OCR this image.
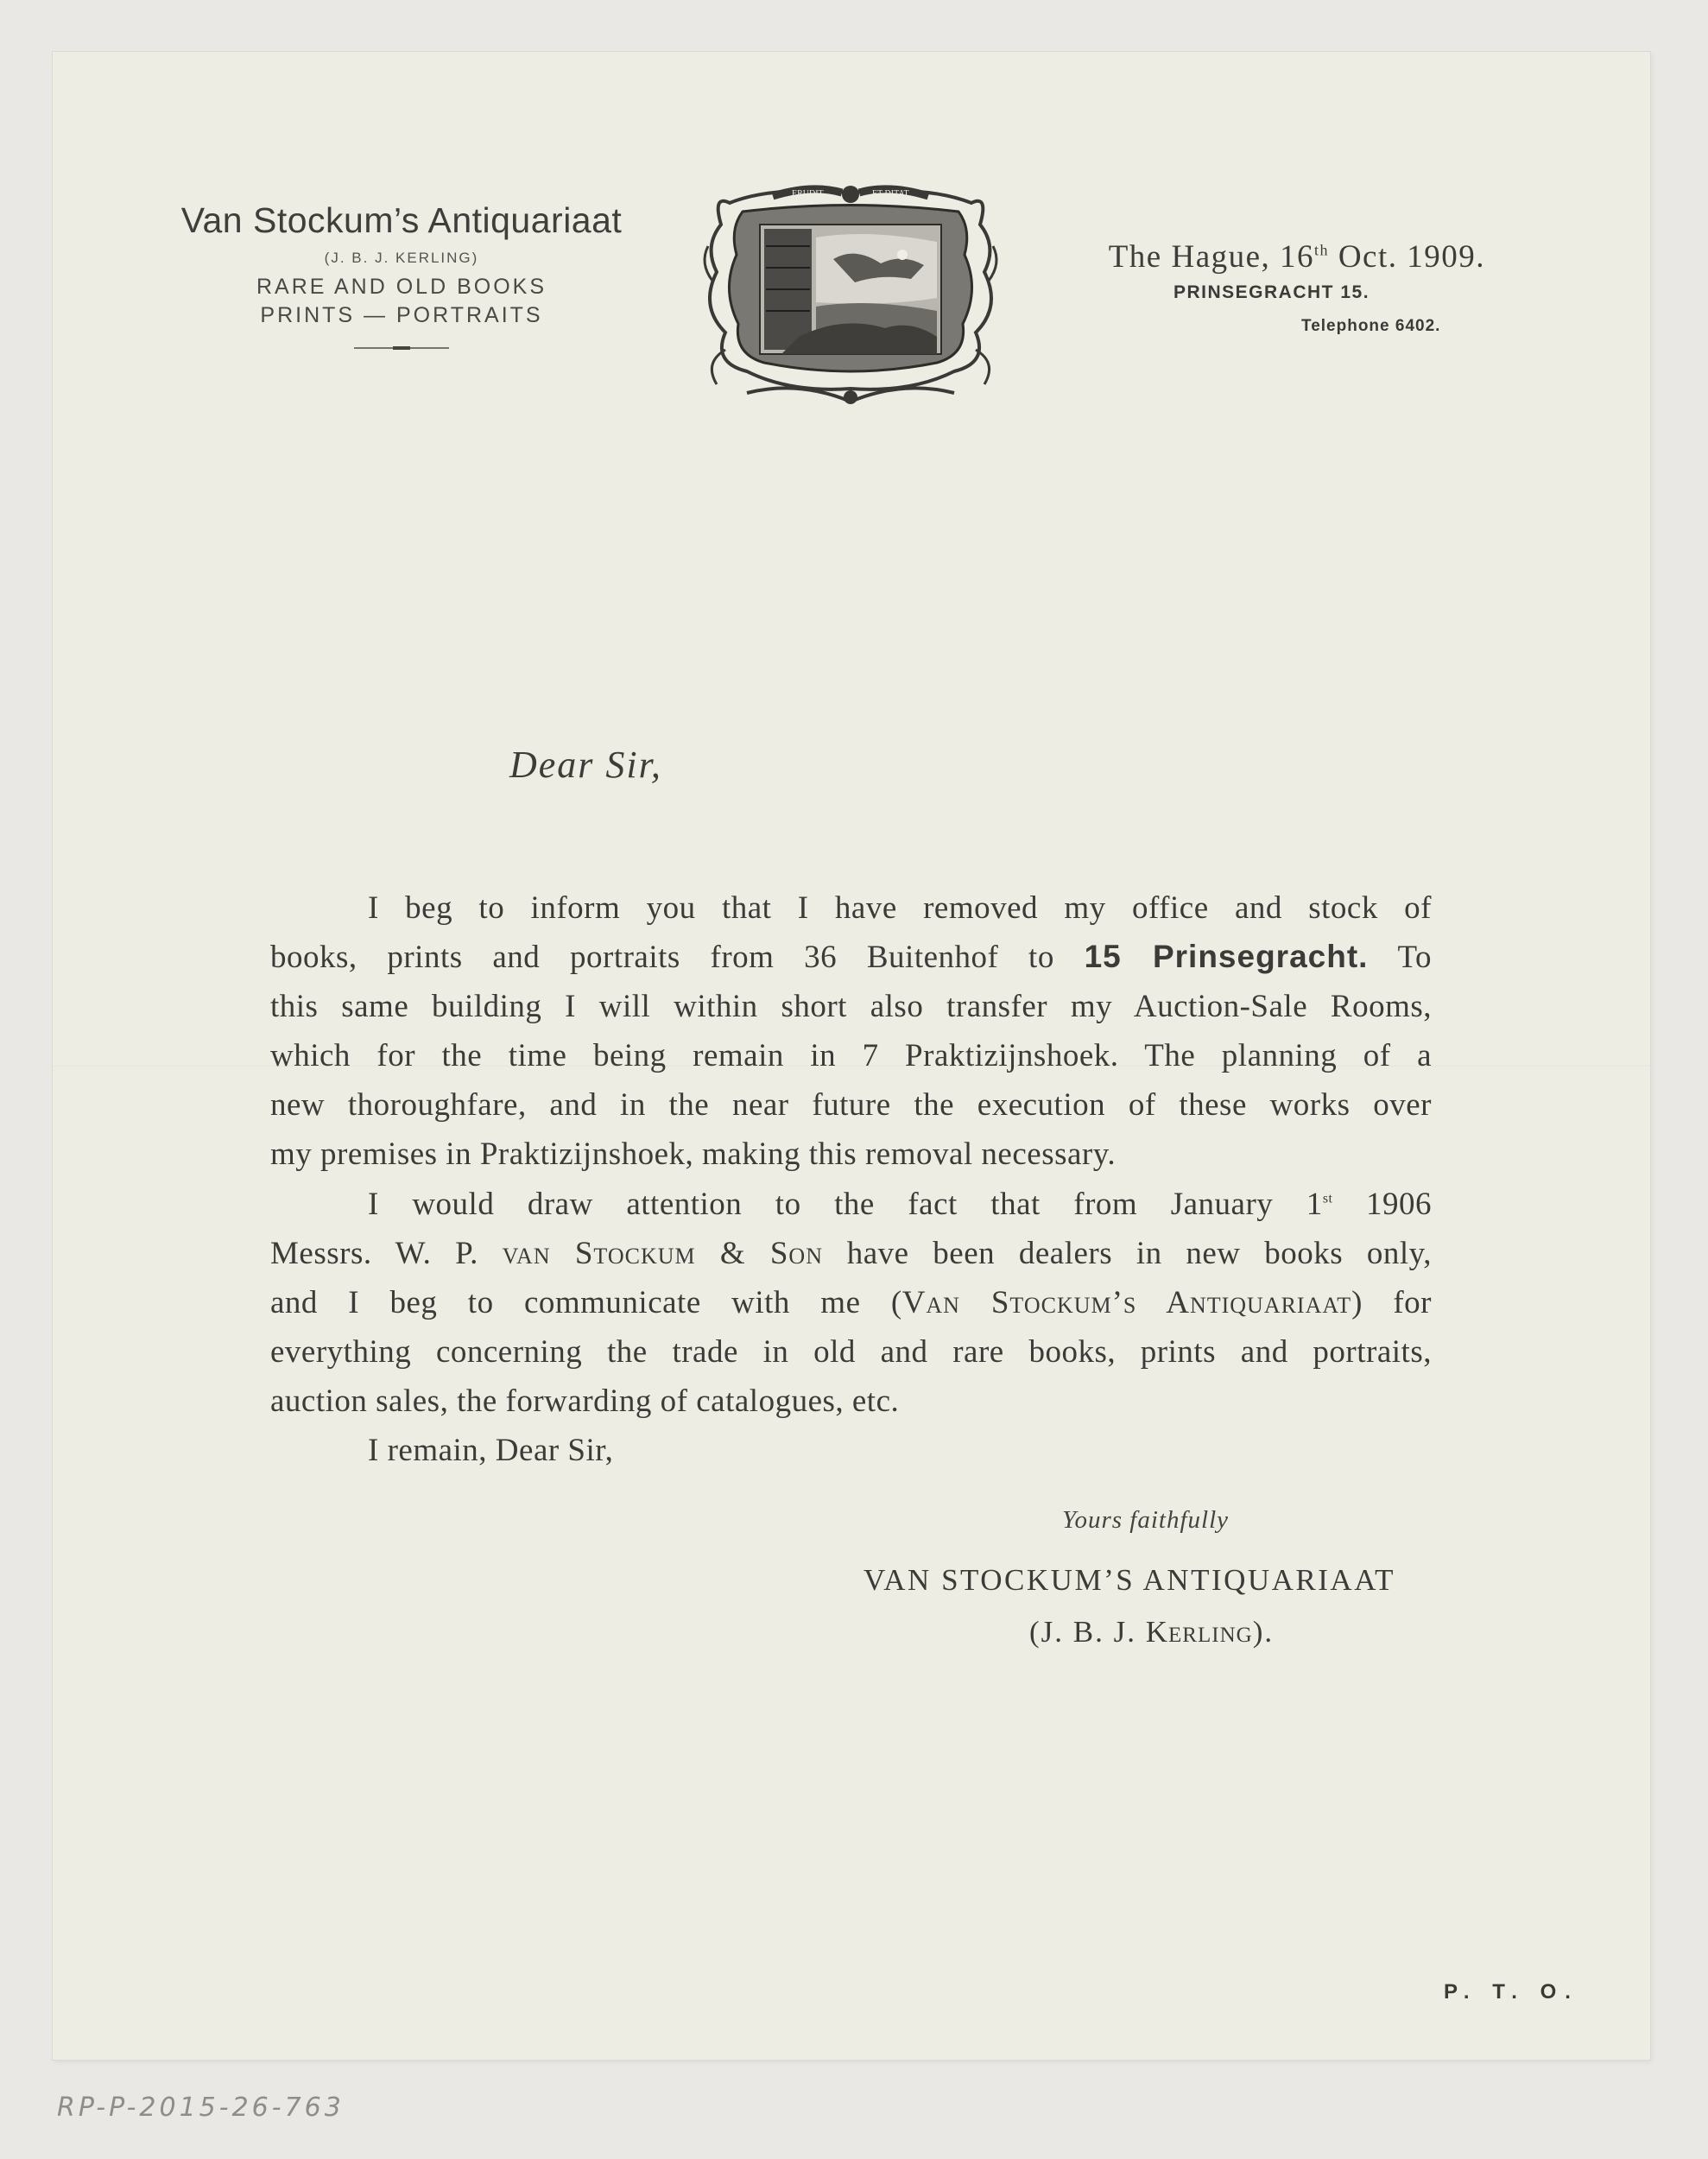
Van Stockum’s Antiquariaat
(J. B. J. KERLING)
RARE AND OLD BOOKS
PRINTS — PORTRAITS
ERUDIT	ET DITAT
The Hague, 16th Oct. 1909.
PRINSEGRACHT 15.
Telephone 6402.
Dear Sir,
I beg to inform you that I have removed my office and stock of
books, prints and portraits from 36 Buitenhof to 15 Prinsegracht. To
this same building I will within short also transfer my Auction-Sale Rooms,
which for the time being remain in 7 Praktizijnshoek. The planning of a
new thoroughfare, and in the near future the execution of these works over
my premises in Praktizijnshoek, making this removal necessary.
I would draw attention to the fact that from January 1st 1906
Messrs. W. P. van Stockum & Son have been dealers in new books only,
and I beg to communicate with me (Van Stockum’s Antiquariaat) for
everything concerning the trade in old and rare books, prints and portraits,
auction sales, the forwarding of catalogues, etc.
I remain, Dear Sir,
Yours faithfully
VAN STOCKUM’S ANTIQUARIAAT
(J. B. J. Kerling).
P. T. O.
RP-P-2015-26-763
